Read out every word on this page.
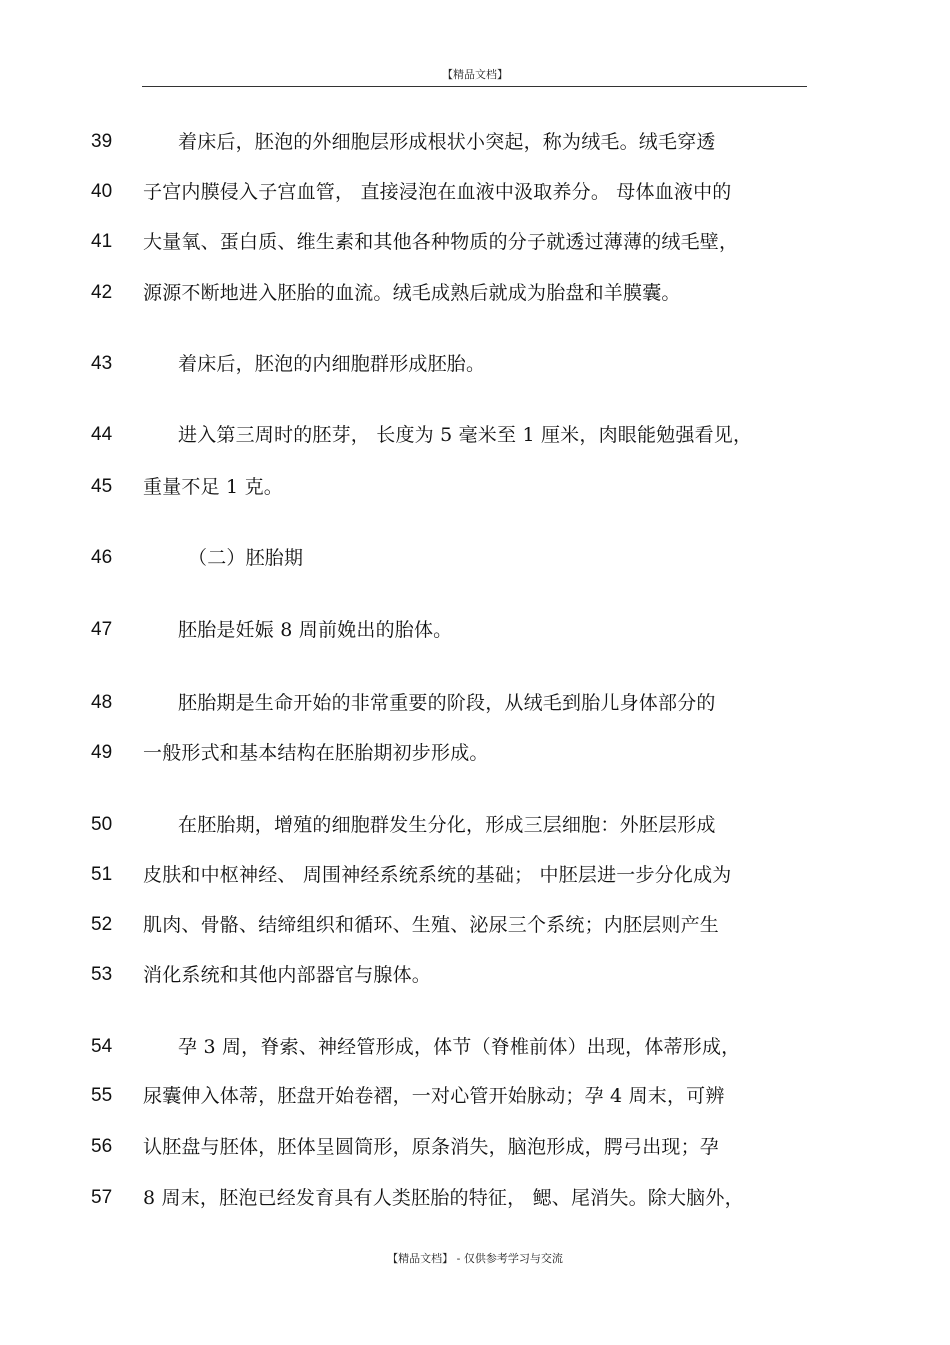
【精品文档】
39	着床后，胚泡的外细胞层形成根状小突起，称为绒毛。绒毛穿透
40	子宫内膜侵入子宫血管， 直接浸泡在血液中汲取养分。 母体血液中的
41	大量氧、蛋白质、维生素和其他各种物质的分子就透过薄薄的绒毛壁，
42	源源不断地进入胚胎的血流。绒毛成熟后就成为胎盘和羊膜囊。
43	着床后，胚泡的内细胞群形成胚胎。
44	进入第三周时的胚芽， 长度为 5 毫米至 1 厘米，肉眼能勉强看见，
45	重量不足 1 克。
46	（二）胚胎期
47	胚胎是妊娠 8 周前娩出的胎体。
48	胚胎期是生命开始的非常重要的阶段，从绒毛到胎儿身体部分的
49	一般形式和基本结构在胚胎期初步形成。
50	在胚胎期，增殖的细胞群发生分化，形成三层细胞：外胚层形成
51	皮肤和中枢神经、 周围神经系统系统的基础； 中胚层进一步分化成为
52	肌肉、骨骼、结缔组织和循环、生殖、泌尿三个系统；内胚层则产生
53	消化系统和其他内部器官与腺体。
54	孕 3 周，脊索、神经管形成，体节（脊椎前体）出现，体蒂形成，
55	尿囊伸入体蒂，胚盘开始卷褶，一对心管开始脉动；孕 4 周末，可辨
56	认胚盘与胚体，胚体呈圆筒形，原条消失，脑泡形成，腭弓出现；孕
57	8 周末，胚泡已经发育具有人类胚胎的特征， 鳃、尾消失。除大脑外，
【精品文档】 - 仅供参考学习与交流
